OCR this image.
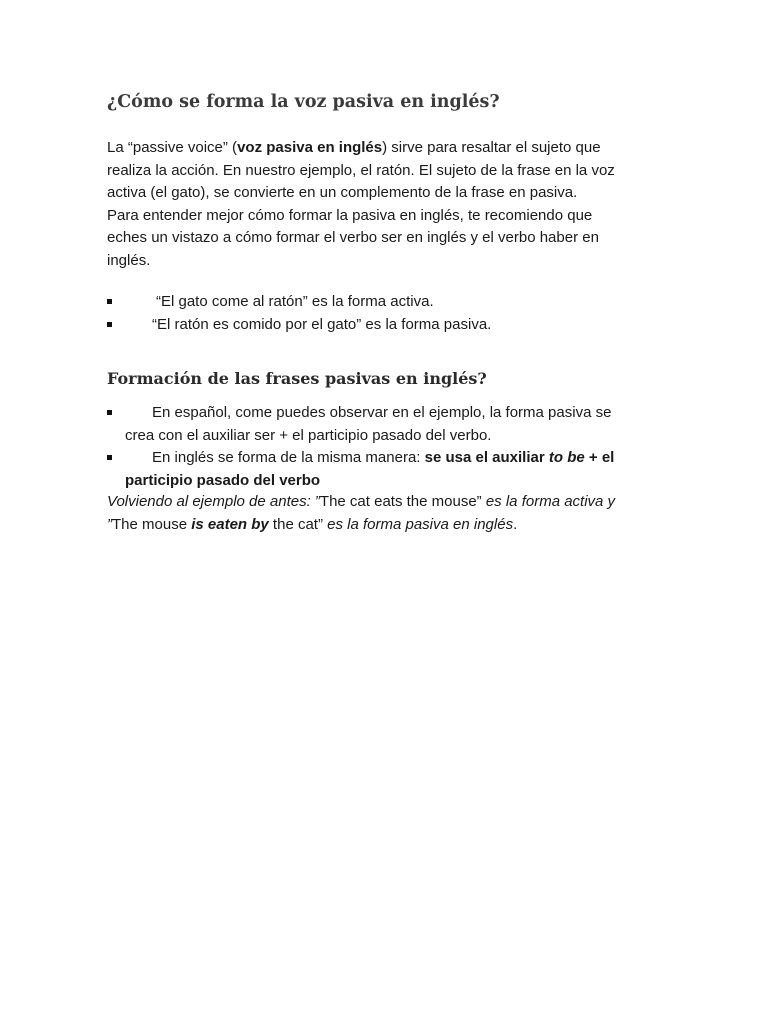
¿Cómo se forma la voz pasiva en inglés?

La “passive voice” (voz pasiva en inglés) sirve para resaltar el sujeto que
realiza la acción. En nuestro ejemplo, el ratón. El sujeto de la frase en la voz
activa (el gato), se convierte en un complemento de la frase en pasiva.
Para entender mejor cómo formar la pasiva en inglés, te recomiendo que
eches un vistazo a cómo formar el verbo ser en inglés y el verbo haber en
inglés.

“El gato come al ratón” es la forma activa.
“El ratón es comido por el gato” es la forma pasiva.
Formación de las frases pasivas en inglés?
En español, come puedes observar en el ejemplo, la forma pasiva se
crea con el auxiliar ser + el participio pasado del verbo.
En inglés se forma de la misma manera: se usa el auxiliar to be + el
participio pasado del verbo
Volviendo al ejemplo de antes: ”The cat eats the mouse” es la forma activa y
”The mouse is eaten by the cat” es la forma pasiva en inglés.
